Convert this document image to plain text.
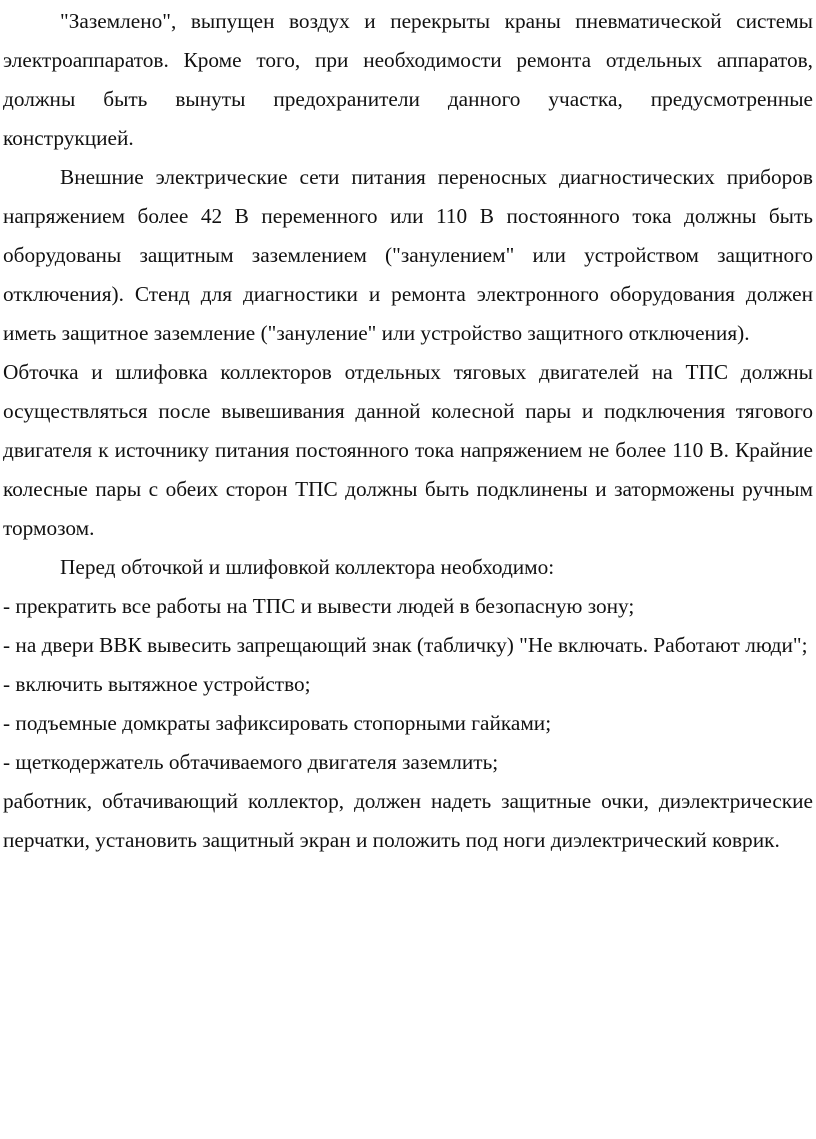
"Заземлено", выпущен воздух и перекрыты краны пневматической системы электроаппаратов. Кроме того, при необходимости ремонта отдельных аппаратов, должны быть вынуты предохранители данного участка, предусмотренные конструкцией.

Внешние электрические сети питания переносных диагностических приборов напряжением более 42 В переменного или 110 В постоянного тока должны быть оборудованы защитным заземлением ("занулением" или устройством защитного отключения). Стенд для диагностики и ремонта электронного оборудования должен иметь защитное заземление ("зануление" или устройство защитного отключения).

Обточка и шлифовка коллекторов отдельных тяговых двигателей на ТПС должны осуществляться после вывешивания данной колесной пары и подключения тягового двигателя к источнику питания постоянного тока напряжением не более 110 В. Крайние колесные пары с обеих сторон ТПС должны быть подклинены и заторможены ручным тормозом.

Перед обточкой и шлифовкой коллектора необходимо:

- прекратить все работы на ТПС и вывести людей в безопасную зону;

- на двери ВВК вывесить запрещающий знак (табличку) "Не включать. Работают люди";

- включить вытяжное устройство;

- подъемные домкраты зафиксировать стопорными гайками;

- щеткодержатель обтачиваемого двигателя заземлить;

работник, обтачивающий коллектор, должен надеть защитные очки, диэлектрические перчатки, установить защитный экран и положить под ноги диэлектрический коврик.
